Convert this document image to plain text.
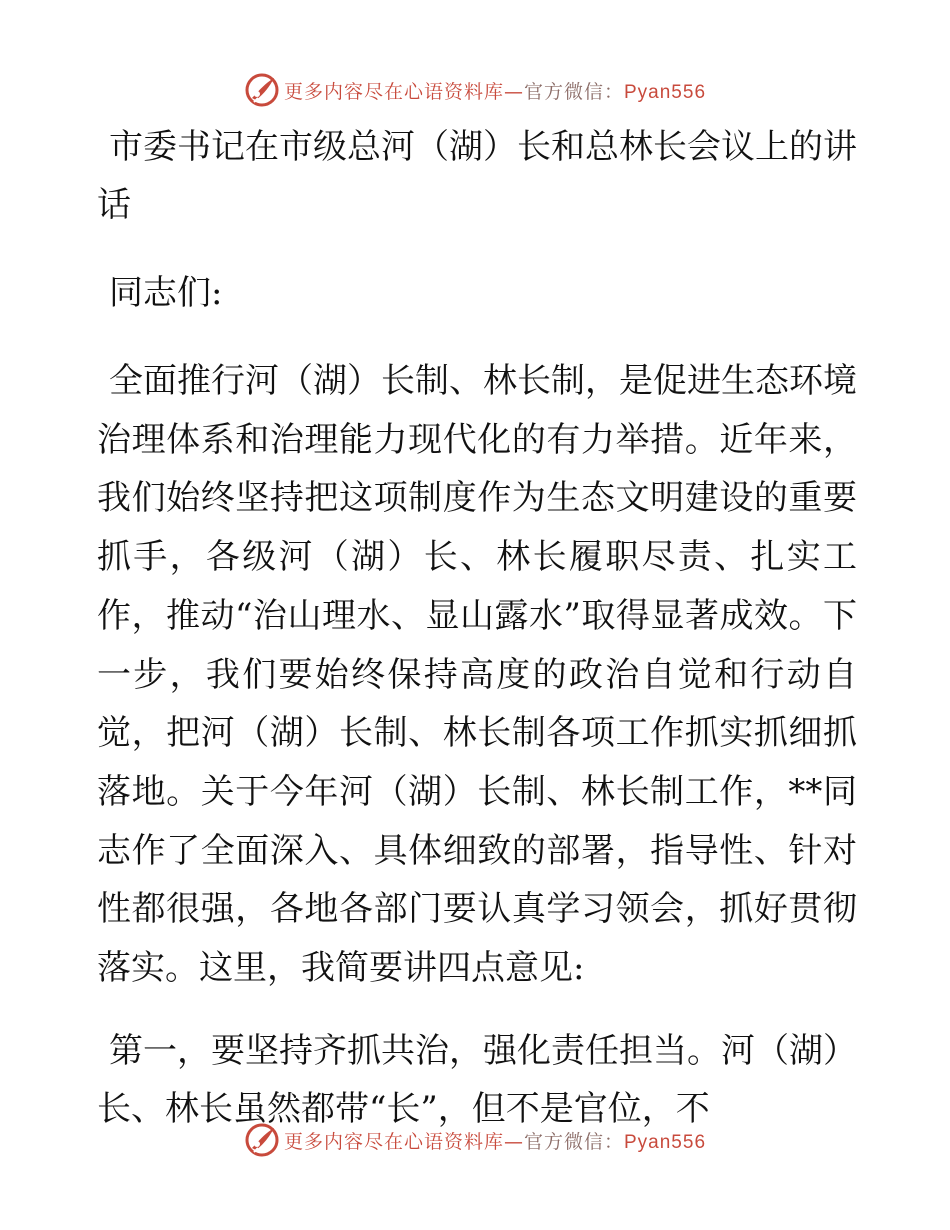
更多内容尽在心语资料库—官方微信：Pyan556
市委书记在市级总河（湖）长和总林长会议上的讲话

同志们:

全面推行河（湖）长制、林长制，是促进生态环境治理体系和治理能力现代化的有力举措。近年来，我们始终坚持把这项制度作为生态文明建设的重要抓手，各级河（湖）长、林长履职尽责、扎实工作，推动“治山理水、显山露水”取得显著成效。下一步，我们要始终保持高度的政治自觉和行动自觉，把河（湖）长制、林长制各项工作抓实抓细抓落地。关于今年河（湖）长制、林长制工作，**同志作了全面深入、具体细致的部署，指导性、针对性都很强，各地各部门要认真学习领会，抓好贯彻落实。这里，我简要讲四点意见:

第一，要坚持齐抓共治，强化责任担当。河（湖）长、林长虽然都带“长”，但不是官位，不

更多内容尽在心语资料库—官方微信：Pyan556
